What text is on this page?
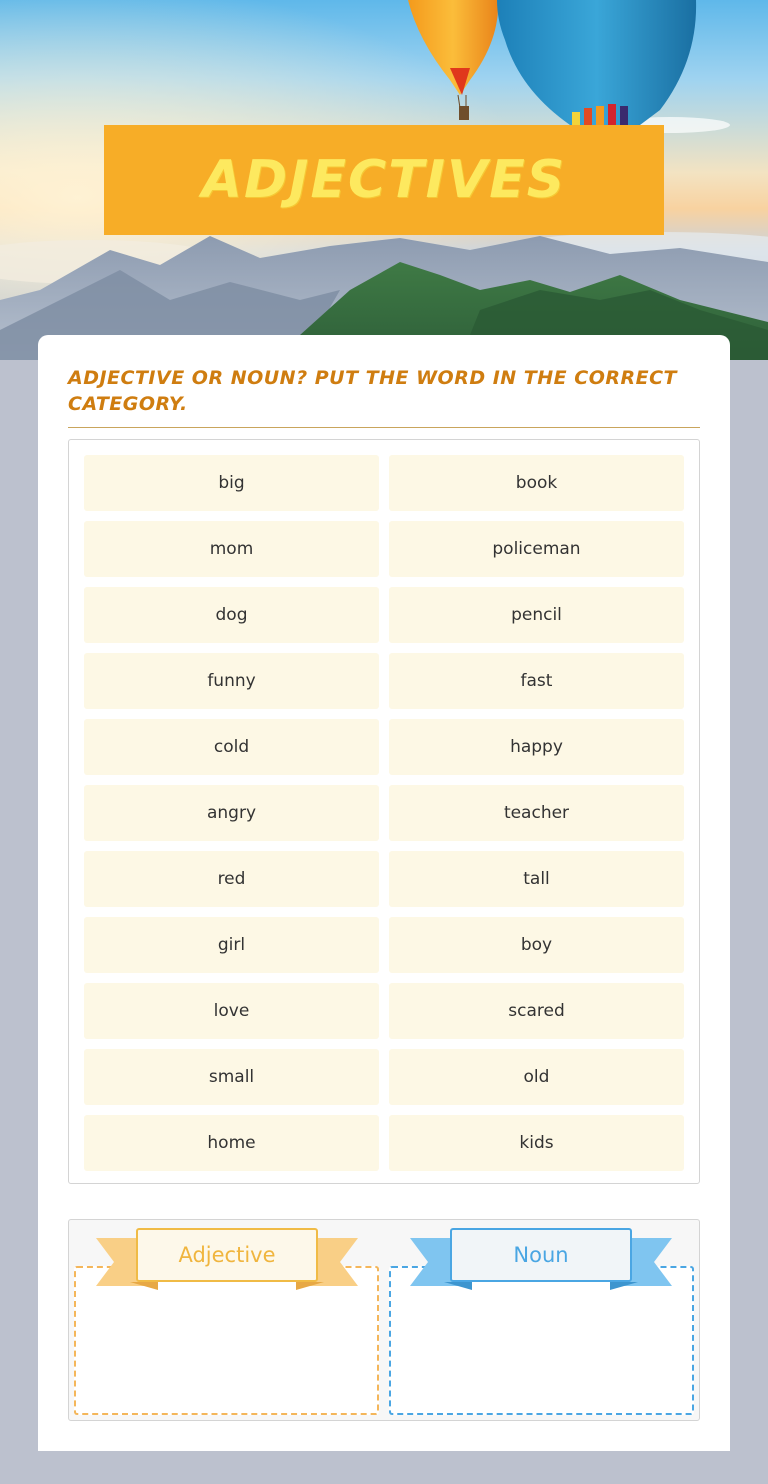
ADJECTIVES
ADJECTIVE OR NOUN? PUT THE WORD IN THE CORRECT CATEGORY.
big	book
mom	policeman
dog	pencil
funny	fast
cold	happy
angry	teacher
red	tall
girl	boy
love	scared
small	old
home	kids
Adjective	Noun
